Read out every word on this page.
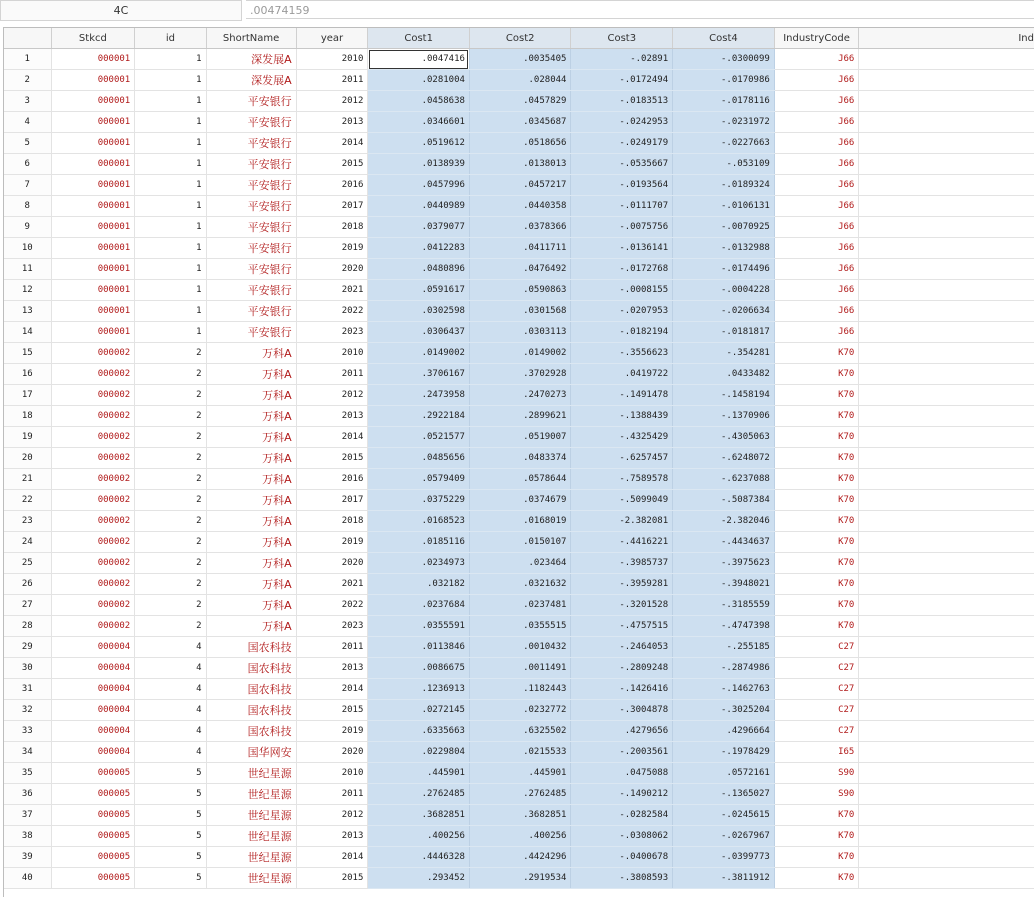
4C	.00474159
	Stkcd	id	ShortName	year	Cost1	Cost2	Cost3	Cost4	IndustryCode	Ind
1	000001	1	深发展A	2010	.0047416	.0035405	-.02891	-.0300099	J66	
2	000001	1	深发展A	2011	.0281004	.028044	-.0172494	-.0170986	J66	
3	000001	1	平安银行	2012	.0458638	.0457829	-.0183513	-.0178116	J66	
4	000001	1	平安银行	2013	.0346601	.0345687	-.0242953	-.0231972	J66	
5	000001	1	平安银行	2014	.0519612	.0518656	-.0249179	-.0227663	J66	
6	000001	1	平安银行	2015	.0138939	.0138013	-.0535667	-.053109	J66	
7	000001	1	平安银行	2016	.0457996	.0457217	-.0193564	-.0189324	J66	
8	000001	1	平安银行	2017	.0440989	.0440358	-.0111707	-.0106131	J66	
9	000001	1	平安银行	2018	.0379077	.0378366	-.0075756	-.0070925	J66	
10	000001	1	平安银行	2019	.0412283	.0411711	-.0136141	-.0132988	J66	
11	000001	1	平安银行	2020	.0480896	.0476492	-.0172768	-.0174496	J66	
12	000001	1	平安银行	2021	.0591617	.0590863	-.0008155	-.0004228	J66	
13	000001	1	平安银行	2022	.0302598	.0301568	-.0207953	-.0206634	J66	
14	000001	1	平安银行	2023	.0306437	.0303113	-.0182194	-.0181817	J66	
15	000002	2	万科A	2010	.0149002	.0149002	-.3556623	-.354281	K70	
16	000002	2	万科A	2011	.3706167	.3702928	.0419722	.0433482	K70	
17	000002	2	万科A	2012	.2473958	.2470273	-.1491478	-.1458194	K70	
18	000002	2	万科A	2013	.2922184	.2899621	-.1388439	-.1370906	K70	
19	000002	2	万科A	2014	.0521577	.0519007	-.4325429	-.4305063	K70	
20	000002	2	万科A	2015	.0485656	.0483374	-.6257457	-.6248072	K70	
21	000002	2	万科A	2016	.0579409	.0578644	-.7589578	-.6237088	K70	
22	000002	2	万科A	2017	.0375229	.0374679	-.5099049	-.5087384	K70	
23	000002	2	万科A	2018	.0168523	.0168019	-2.382081	-2.382046	K70	
24	000002	2	万科A	2019	.0185116	.0150107	-.4416221	-.4434637	K70	
25	000002	2	万科A	2020	.0234973	.023464	-.3985737	-.3975623	K70	
26	000002	2	万科A	2021	.032182	.0321632	-.3959281	-.3948021	K70	
27	000002	2	万科A	2022	.0237684	.0237481	-.3201528	-.3185559	K70	
28	000002	2	万科A	2023	.0355591	.0355515	-.4757515	-.4747398	K70	
29	000004	4	国农科技	2011	.0113846	.0010432	-.2464053	-.255185	C27	
30	000004	4	国农科技	2013	.0086675	.0011491	-.2809248	-.2874986	C27	
31	000004	4	国农科技	2014	.1236913	.1182443	-.1426416	-.1462763	C27	
32	000004	4	国农科技	2015	.0272145	.0232772	-.3004878	-.3025204	C27	
33	000004	4	国农科技	2019	.6335663	.6325502	.4279656	.4296664	C27	
34	000004	4	国华网安	2020	.0229804	.0215533	-.2003561	-.1978429	I65	
35	000005	5	世纪星源	2010	.445901	.445901	.0475088	.0572161	S90	
36	000005	5	世纪星源	2011	.2762485	.2762485	-.1490212	-.1365027	S90	
37	000005	5	世纪星源	2012	.3682851	.3682851	-.0282584	-.0245615	K70	
38	000005	5	世纪星源	2013	.400256	.400256	-.0308062	-.0267967	K70	
39	000005	5	世纪星源	2014	.4446328	.4424296	-.0400678	-.0399773	K70	
40	000005	5	世纪星源	2015	.293452	.2919534	-.3808593	-.3811912	K70	
